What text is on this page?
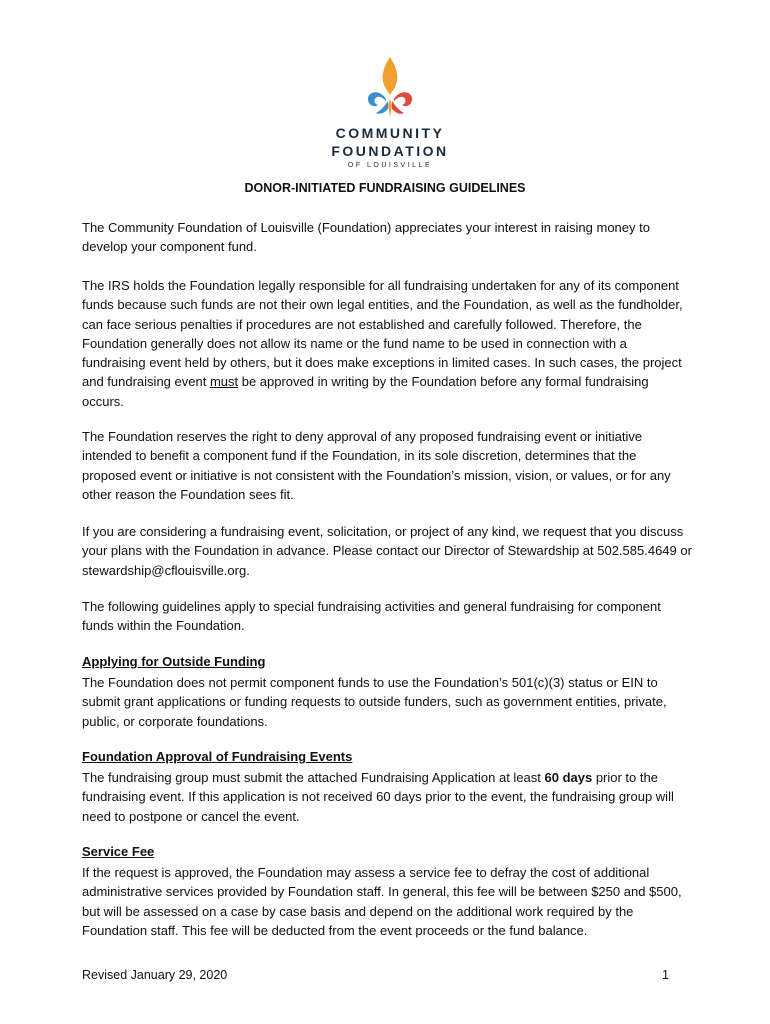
COMMUNITY
FOUNDATION
OF LOUISVILLE
DONOR-INITIATED FUNDRAISING GUIDELINES

The Community Foundation of Louisville (Foundation) appreciates your interest in raising money to develop your component fund.

The IRS holds the Foundation legally responsible for all fundraising undertaken for any of its component funds because such funds are not their own legal entities, and the Foundation, as well as the fundholder, can face serious penalties if procedures are not established and carefully followed. Therefore, the Foundation generally does not allow its name or the fund name to be used in connection with a fundraising event held by others, but it does make exceptions in limited cases. In such cases, the project and fundraising event must be approved in writing by the Foundation before any formal fundraising occurs.

The Foundation reserves the right to deny approval of any proposed fundraising event or initiative intended to benefit a component fund if the Foundation, in its sole discretion, determines that the proposed event or initiative is not consistent with the Foundation’s mission, vision, or values, or for any other reason the Foundation sees fit.

If you are considering a fundraising event, solicitation, or project of any kind, we request that you discuss your plans with the Foundation in advance. Please contact our Director of Stewardship at 502.585.4649 or stewardship@cflouisville.org.

The following guidelines apply to special fundraising activities and general fundraising for component funds within the Foundation.

Applying for Outside Funding

The Foundation does not permit component funds to use the Foundation’s 501(c)(3) status or EIN to submit grant applications or funding requests to outside funders, such as government entities, private, public, or corporate foundations.

Foundation Approval of Fundraising Events

The fundraising group must submit the attached Fundraising Application at least 60 days prior to the fundraising event. If this application is not received 60 days prior to the event, the fundraising group will need to postpone or cancel the event.

Service Fee

If the request is approved, the Foundation may assess a service fee to defray the cost of additional administrative services provided by Foundation staff. In general, this fee will be between $250 and $500, but will be assessed on a case by case basis and depend on the additional work required by the Foundation staff. This fee will be deducted from the event proceeds or the fund balance.

Revised January 29, 2020	1
